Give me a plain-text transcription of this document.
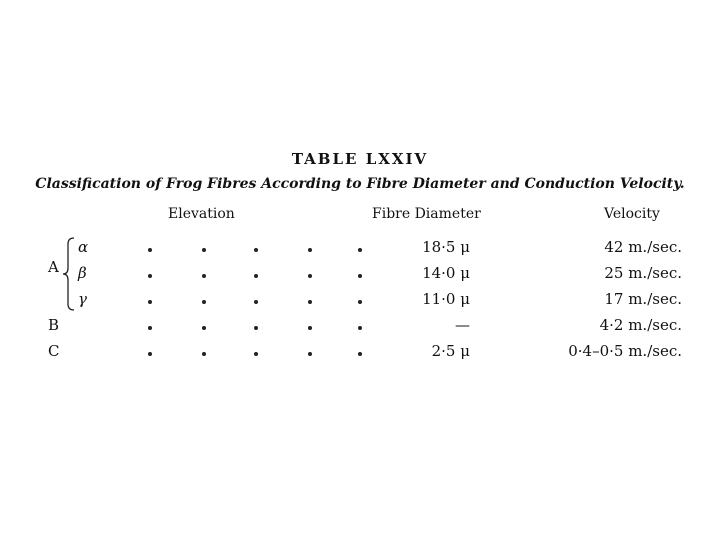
TABLE LXXIV
Classification of Frog Fibres According to Fibre Diameter and Conduction Velocity.
Elevation	Fibre Diameter	Velocity
A
α	18·5 μ	42 m./sec.
β	14·0 μ	25 m./sec.
γ	11·0 μ	17 m./sec.
B	—	4·2 m./sec.
C	2·5 μ	0·4–0·5 m./sec.
